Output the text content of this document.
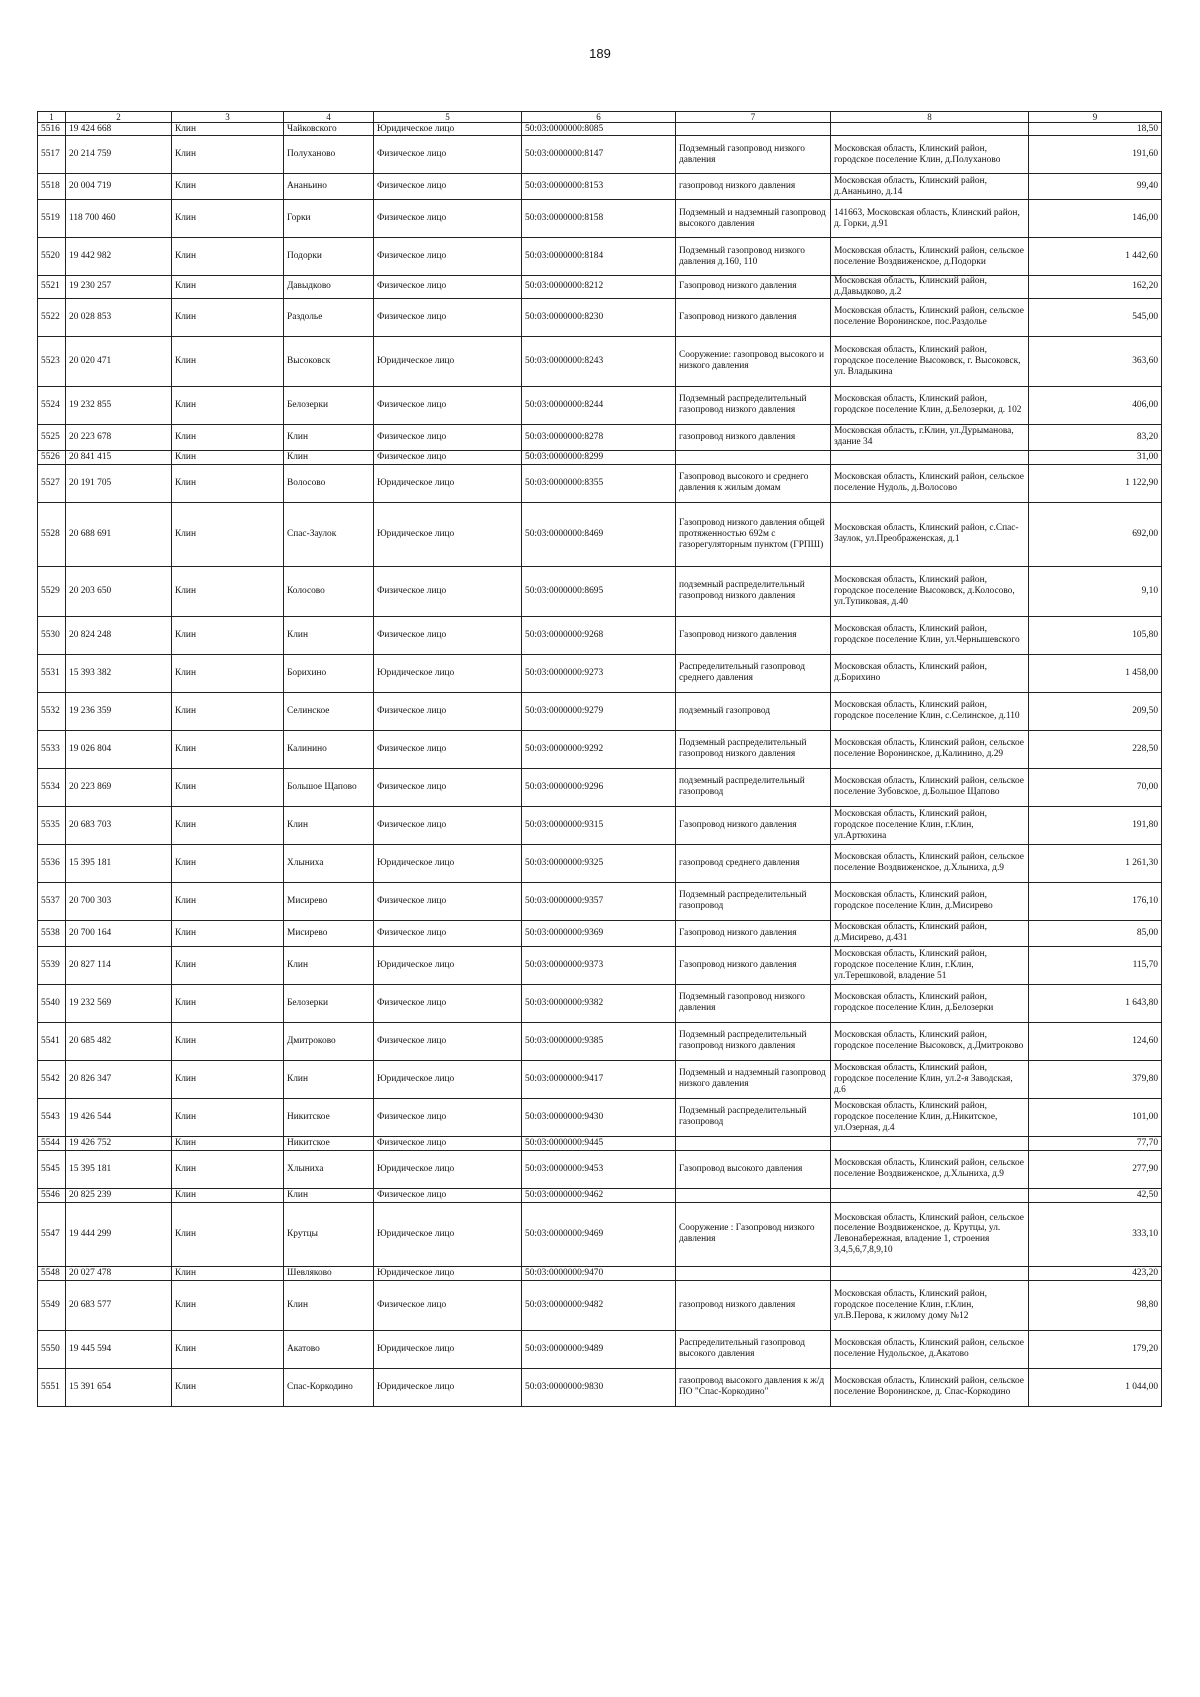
189
1	2	3	4	5	6	7	8	9
5516	19 424 668	Клин	Чайковского	Юридическое лицо	50:03:0000000:8085			18,50
5517	20 214 759	Клин	Полуханово	Физическое лицо	50:03:0000000:8147	Подземный газопровод низкого давления	Московская область, Клинский район, городское поселение Клин, д.Полуханово	191,60
5518	20 004 719	Клин	Ананьино	Физическое лицо	50:03:0000000:8153	газопровод низкого давления	Московская область, Клинский район, д.Ананьино, д.14	99,40
5519	118 700 460	Клин	Горки	Физическое лицо	50:03:0000000:8158	Подземный и надземный газопровод высокого давления	141663, Московская область, Клинский район, д. Горки, д.91	146,00
5520	19 442 982	Клин	Подорки	Физическое лицо	50:03:0000000:8184	Подземный газопровод низкого давления д.160, 110	Московская область, Клинский район, сельское поселение Воздвиженское, д.Подорки	1 442,60
5521	19 230 257	Клин	Давыдково	Физическое лицо	50:03:0000000:8212	Газопровод низкого давления	Московская область, Клинский район, д.Давыдково, д.2	162,20
5522	20 028 853	Клин	Раздолье	Физическое лицо	50:03:0000000:8230	Газопровод низкого давления	Московская область, Клинский район, сельское поселение Воронинское, пос.Раздолье	545,00
5523	20 020 471	Клин	Высоковск	Юридическое лицо	50:03:0000000:8243	Сооружение: газопровод высокого и низкого давления	Московская область, Клинский район, городское поселение Высоковск, г. Высоковск, ул. Владыкина	363,60
5524	19 232 855	Клин	Белозерки	Физическое лицо	50:03:0000000:8244	Подземный распределительный газопровод низкого давления	Московская область, Клинский район, городское поселение Клин, д.Белозерки, д. 102	406,00
5525	20 223 678	Клин	Клин	Физическое лицо	50:03:0000000:8278	газопровод низкого давления	Московская область, г.Клин, ул.Дурыманова, здание 34	83,20
5526	20 841 415	Клин	Клин	Физическое лицо	50:03:0000000:8299			31,00
5527	20 191 705	Клин	Волосово	Юридическое лицо	50:03:0000000:8355	Газопровод высокого и среднего давления к жилым домам	Московская область, Клинский район, сельское поселение Нудоль, д.Волосово	1 122,90
5528	20 688 691	Клин	Спас-Заулок	Юридическое лицо	50:03:0000000:8469	Газопровод низкого давления общей протяженностью 692м с газорегуляторным пунктом (ГРПШ)	Московская область, Клинский район, с.Спас-Заулок, ул.Преображенская, д.1	692,00
5529	20 203 650	Клин	Колосово	Физическое лицо	50:03:0000000:8695	подземный распределительный газопровод низкого давления	Московская область, Клинский район, городское поселение Высоковск, д.Колосово, ул.Тупиковая, д.40	9,10
5530	20 824 248	Клин	Клин	Физическое лицо	50:03:0000000:9268	Газопровод низкого давления	Московская область, Клинский район, городское поселение Клин, ул.Чернышевского	105,80
5531	15 393 382	Клин	Борихино	Юридическое лицо	50:03:0000000:9273	Распределительный газопровод среднего давления	Московская область, Клинский район, д.Борихино	1 458,00
5532	19 236 359	Клин	Селинское	Физическое лицо	50:03:0000000:9279	подземный газопровод	Московская область, Клинский район, городское поселение Клин, с.Селинское, д.110	209,50
5533	19 026 804	Клин	Калинино	Физическое лицо	50:03:0000000:9292	Подземный распределительный газопровод низкого давления	Московская область, Клинский район, сельское поселение Воронинское, д.Калинино, д.29	228,50
5534	20 223 869	Клин	Большое Щапово	Физическое лицо	50:03:0000000:9296	подземный распределительный газопровод	Московская область, Клинский район, сельское поселение Зубовское, д.Большое Щапово	70,00
5535	20 683 703	Клин	Клин	Физическое лицо	50:03:0000000:9315	Газопровод низкого давления	Московская область, Клинский район, городское поселение Клин, г.Клин, ул.Артюхина	191,80
5536	15 395 181	Клин	Хлыниха	Юридическое лицо	50:03:0000000:9325	газопровод среднего давления	Московская область, Клинский район, сельское поселение Воздвиженское, д.Хлыниха, д.9	1 261,30
5537	20 700 303	Клин	Мисирево	Физическое лицо	50:03:0000000:9357	Подземный распределительный газопровод	Московская область, Клинский район, городское поселение Клин, д.Мисирево	176,10
5538	20 700 164	Клин	Мисирево	Физическое лицо	50:03:0000000:9369	Газопровод низкого давления	Московская область, Клинский район, д.Мисирево, д.431	85,00
5539	20 827 114	Клин	Клин	Юридическое лицо	50:03:0000000:9373	Газопровод низкого давления	Московская область, Клинский район, городское поселение Клин, г.Клин, ул.Терешковой, владение 51	115,70
5540	19 232 569	Клин	Белозерки	Физическое лицо	50:03:0000000:9382	Подземный газопровод низкого давления	Московская область, Клинский район, городское поселение Клин, д.Белозерки	1 643,80
5541	20 685 482	Клин	Дмитроково	Физическое лицо	50:03:0000000:9385	Подземный распределительный газопровод низкого давления	Московская область, Клинский район, городское поселение Высоковск, д.Дмитроково	124,60
5542	20 826 347	Клин	Клин	Юридическое лицо	50:03:0000000:9417	Подземный и надземный газопровод низкого давления	Московская область, Клинский район, городское поселение Клин, ул.2-я Заводская, д.6	379,80
5543	19 426 544	Клин	Никитское	Физическое лицо	50:03:0000000:9430	Подземный распределительный газопровод	Московская область, Клинский район, городское поселение Клин, д.Никитское, ул.Озерная, д.4	101,00
5544	19 426 752	Клин	Никитское	Физическое лицо	50:03:0000000:9445			77,70
5545	15 395 181	Клин	Хлыниха	Юридическое лицо	50:03:0000000:9453	Газопровод высокого давления	Московская область, Клинский район, сельское поселение Воздвиженское, д.Хлыниха, д.9	277,90
5546	20 825 239	Клин	Клин	Физическое лицо	50:03:0000000:9462			42,50
5547	19 444 299	Клин	Крутцы	Юридическое лицо	50:03:0000000:9469	Сооружение : Газопровод низкого давления	Московская область, Клинский район, сельское поселение Воздвиженское, д. Крутцы, ул. Левонабережная, владение 1, строения 3,4,5,6,7,8,9,10	333,10
5548	20 027 478	Клин	Шевляково	Юридическое лицо	50:03:0000000:9470			423,20
5549	20 683 577	Клин	Клин	Физическое лицо	50:03:0000000:9482	газопровод низкого давления	Московская область, Клинский район, городское поселение Клин, г.Клин, ул.В.Перова, к жилому дому №12	98,80
5550	19 445 594	Клин	Акатово	Юридическое лицо	50:03:0000000:9489	Распределительный газопровод высокого давления	Московская область, Клинский район, сельское поселение Нудольское, д.Акатово	179,20
5551	15 391 654	Клин	Спас-Коркодино	Юридическое лицо	50:03:0000000:9830	газопровод высокого давления к ж/д ПО "Спас-Коркодино"	Московская область, Клинский район, сельское поселение Воронинское, д. Спас-Коркодино	1 044,00
